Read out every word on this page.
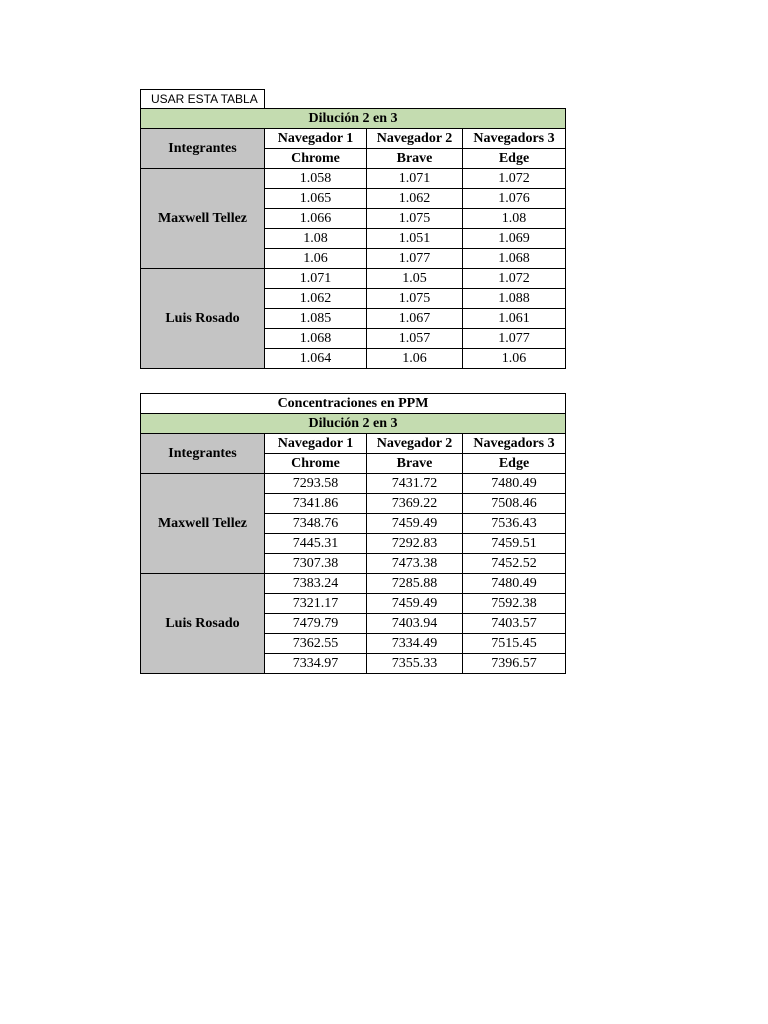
USAR ESTA TABLA
Dilución 2 en 3			
Integrantes	Navegador 1	Navegador 2	Navegadors 3
	Chrome	Brave	Edge
Maxwell Tellez	1.058	1.071	1.072
	1.065	1.062	1.076
	1.066	1.075	1.08
	1.08	1.051	1.069
	1.06	1.077	1.068
Luis Rosado	1.071	1.05	1.072
	1.062	1.075	1.088
	1.085	1.067	1.061
	1.068	1.057	1.077
	1.064	1.06	1.06
Concentraciones en PPM			
Dilución 2 en 3			
Integrantes	Navegador 1	Navegador 2	Navegadors 3
	Chrome	Brave	Edge
Maxwell Tellez	7293.58	7431.72	7480.49
	7341.86	7369.22	7508.46
	7348.76	7459.49	7536.43
	7445.31	7292.83	7459.51
	7307.38	7473.38	7452.52
Luis Rosado	7383.24	7285.88	7480.49
	7321.17	7459.49	7592.38
	7479.79	7403.94	7403.57
	7362.55	7334.49	7515.45
	7334.97	7355.33	7396.57
